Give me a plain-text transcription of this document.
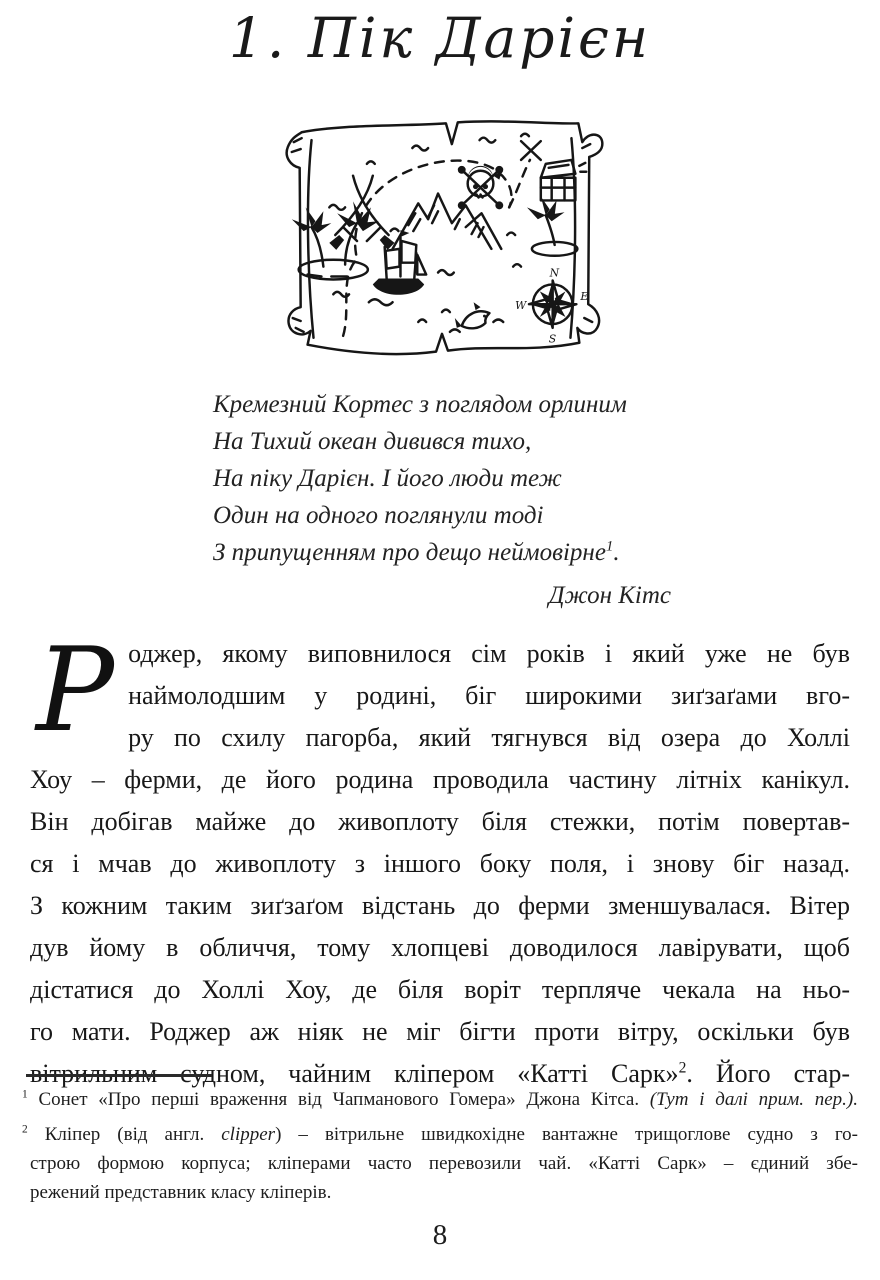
1. Пік Дарієн
N
E
S
W
Кремезний Кортес з поглядом орлиним
На Тихий океан дивився тихо,
На піку Дарієн. І його люди теж
Один на одного поглянули тоді
З припущенням про дещо неймовірне$^1$.
Джон Кітс
Р оджер, якому виповнилося сім років і який уже не був
наймолодшим у родині, біг широкими зиґзаґами вго-
ру по схилу пагорба, який тягнувся від озера до Холлі
Хоу – ферми, де його родина проводила частину літніх канікул.
Він добігав майже до живоплоту біля стежки, потім повертав-
ся і мчав до живоплоту з іншого боку поля, і знову біг назад.
З кожним таким зиґзаґом відстань до ферми зменшувалася. Вітер
дув йому в обличчя, тому хлопцеві доводилося лавірувати, щоб
дістатися до Холлі Хоу, де біля воріт терпляче чекала на ньо-
го мати. Роджер аж ніяк не міг бігти проти вітру, оскільки був
вітрильним судном, чайним кліпером «Катті Сарк»$^2$. Його стар-
$^1$ Сонет «Про перші враження від Чапманового Гомера» Джона Кітса. (Тут і далі прим. пер.).
$^2$ Кліпер (від англ. clipper) – вітрильне швидкохідне вантажне трищоглове судно з го-
строю формою корпуса; кліперами часто перевозили чай. «Катті Сарк» – єдиний збе-
режений представник класу кліперів.
8
